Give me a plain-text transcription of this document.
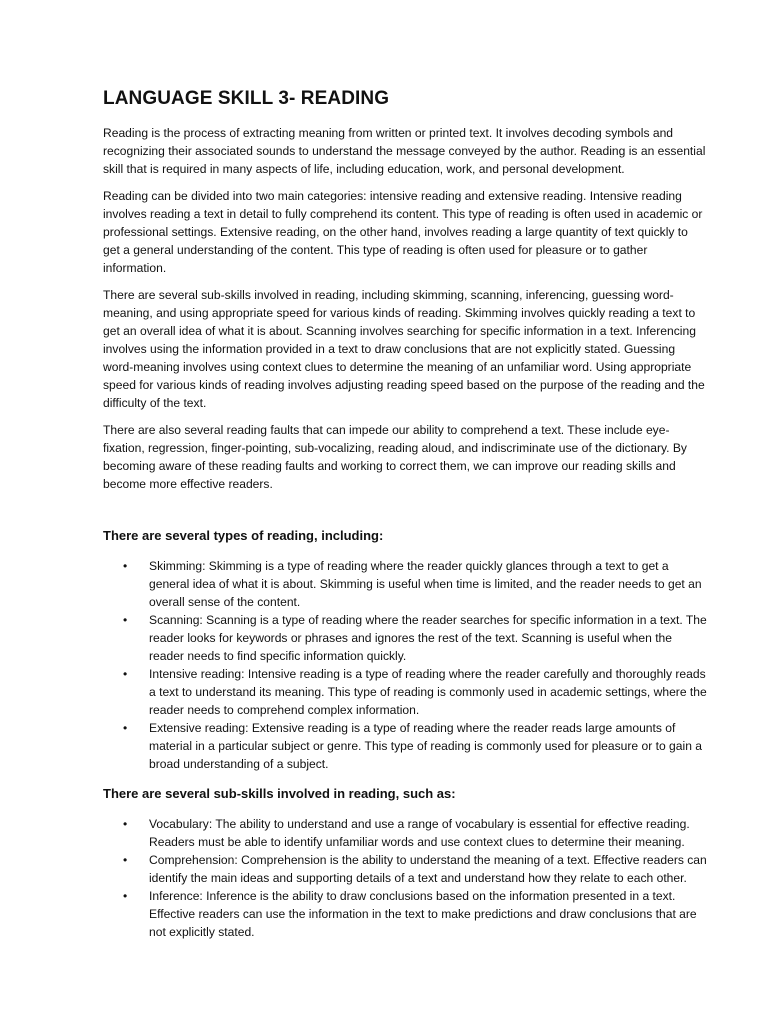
LANGUAGE SKILL 3- READING

Reading is the process of extracting meaning from written or printed text. It involves decoding symbols and recognizing their associated sounds to understand the message conveyed by the author. Reading is an essential skill that is required in many aspects of life, including education, work, and personal development.

Reading can be divided into two main categories: intensive reading and extensive reading. Intensive reading involves reading a text in detail to fully comprehend its content. This type of reading is often used in academic or professional settings. Extensive reading, on the other hand, involves reading a large quantity of text quickly to get a general understanding of the content. This type of reading is often used for pleasure or to gather information.

There are several sub-skills involved in reading, including skimming, scanning, inferencing, guessing word-meaning, and using appropriate speed for various kinds of reading. Skimming involves quickly reading a text to get an overall idea of what it is about. Scanning involves searching for specific information in a text. Inferencing involves using the information provided in a text to draw conclusions that are not explicitly stated. Guessing word-meaning involves using context clues to determine the meaning of an unfamiliar word. Using appropriate speed for various kinds of reading involves adjusting reading speed based on the purpose of the reading and the difficulty of the text.

There are also several reading faults that can impede our ability to comprehend a text. These include eye-fixation, regression, finger-pointing, sub-vocalizing, reading aloud, and indiscriminate use of the dictionary. By becoming aware of these reading faults and working to correct them, we can improve our reading skills and become more effective readers.

There are several types of reading, including:
• Skimming: Skimming is a type of reading where the reader quickly glances through a text to get a general idea of what it is about. Skimming is useful when time is limited, and the reader needs to get an overall sense of the content.
• Scanning: Scanning is a type of reading where the reader searches for specific information in a text. The reader looks for keywords or phrases and ignores the rest of the text. Scanning is useful when the reader needs to find specific information quickly.
• Intensive reading: Intensive reading is a type of reading where the reader carefully and thoroughly reads a text to understand its meaning. This type of reading is commonly used in academic settings, where the reader needs to comprehend complex information.
• Extensive reading: Extensive reading is a type of reading where the reader reads large amounts of material in a particular subject or genre. This type of reading is commonly used for pleasure or to gain a broad understanding of a subject.
There are several sub-skills involved in reading, such as:
• Vocabulary: The ability to understand and use a range of vocabulary is essential for effective reading. Readers must be able to identify unfamiliar words and use context clues to determine their meaning.
• Comprehension: Comprehension is the ability to understand the meaning of a text. Effective readers can identify the main ideas and supporting details of a text and understand how they relate to each other.
• Inference: Inference is the ability to draw conclusions based on the information presented in a text. Effective readers can use the information in the text to make predictions and draw conclusions that are not explicitly stated.
